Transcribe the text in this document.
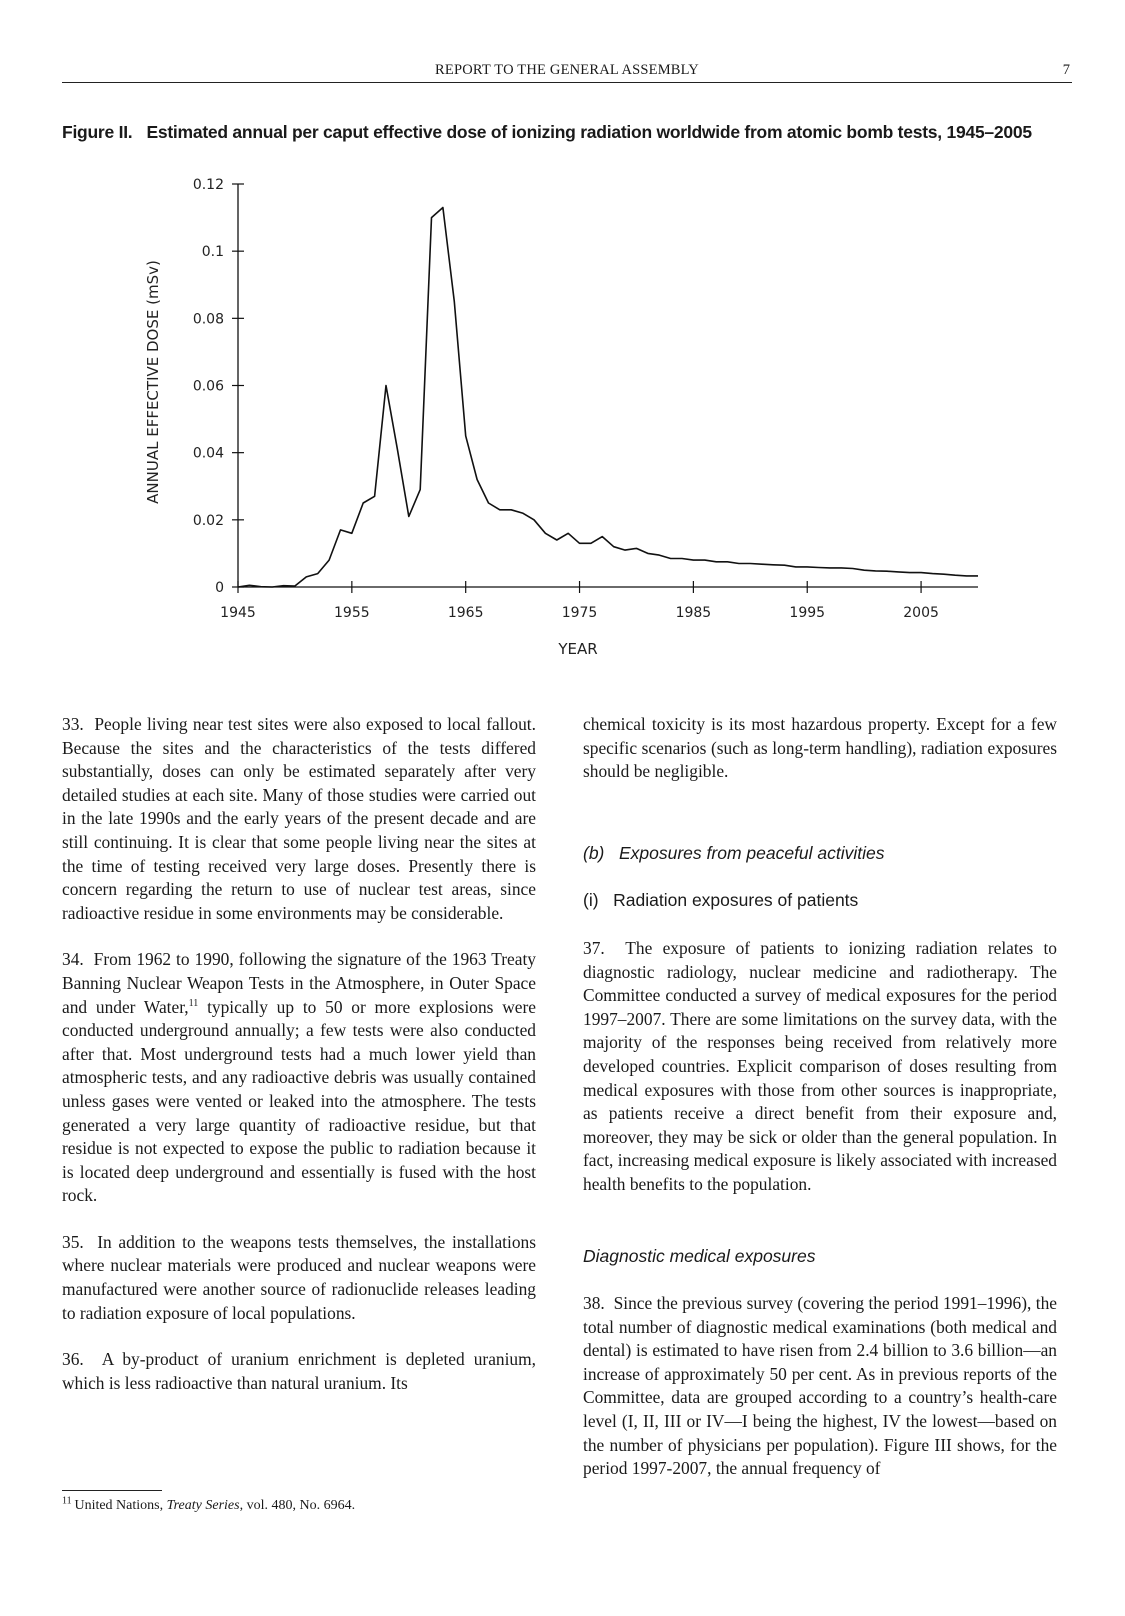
REPORT TO THE GENERAL ASSEMBLY	7
Figure II. Estimated annual per caput effective dose of ionizing radiation worldwide from atomic bomb tests, 1945–2005
0
0.02
0.04
0.06
0.08
0.1
0.12
1945	1955	1965	1975	1985	1995	2005
YEAR
ANNUAL EFFECTIVE DOSE (mSv)

33. People living near test sites were also exposed to local fallout. Because the sites and the characteristics of the tests differed substantially, doses can only be estimated separately after very detailed studies at each site. Many of those studies were carried out in the late 1990s and the early years of the present decade and are still continuing. It is clear that some people living near the sites at the time of testing received very large doses. Presently there is concern regarding the return to use of nuclear test areas, since radioactive residue in some environments may be considerable.

34. From 1962 to 1990, following the signature of the 1963 Treaty Banning Nuclear Weapon Tests in the Atmosphere, in Outer Space and under Water,$^{11}$ typically up to 50 or more explosions were conducted underground annually; a few tests were also conducted after that. Most underground tests had a much lower yield than atmospheric tests, and any radioactive debris was usually contained unless gases were vented or leaked into the atmosphere. The tests generated a very large quantity of radioactive residue, but that residue is not expected to expose the public to radiation because it is located deep underground and essentially is fused with the host rock.

35. In addition to the weapons tests themselves, the installations where nuclear materials were produced and nuclear weapons were manufactured were another source of radionuclide releases leading to radiation exposure of local populations.

36. A by-product of uranium enrichment is depleted uranium, which is less radioactive than natural uranium. Its

chemical toxicity is its most hazardous property. Except for a few specific scenarios (such as long-term handling), radiation exposures should be negligible.

(b) Exposures from peaceful activities

(i) Radiation exposures of patients

37. The exposure of patients to ionizing radiation relates to diagnostic radiology, nuclear medicine and radiotherapy. The Committee conducted a survey of medical exposures for the period 1997–2007. There are some limitations on the survey data, with the majority of the responses being received from relatively more developed countries. Explicit comparison of doses resulting from medical exposures with those from other sources is inappropriate, as patients receive a direct benefit from their exposure and, moreover, they may be sick or older than the general population. In fact, increasing medical exposure is likely associated with increased health benefits to the population.

Diagnostic medical exposures

38. Since the previous survey (covering the period 1991–1996), the total number of diagnostic medical examinations (both medical and dental) is estimated to have risen from 2.4 billion to 3.6 billion—an increase of approximately 50 per cent. As in previous reports of the Committee, data are grouped according to a country’s health-care level (I, II, III or IV—I being the highest, IV the lowest—based on the number of physicians per population). Figure III shows, for the period 1997-2007, the annual frequency of

$^{11}$  United Nations, Treaty Series, vol. 480, No. 6964.
